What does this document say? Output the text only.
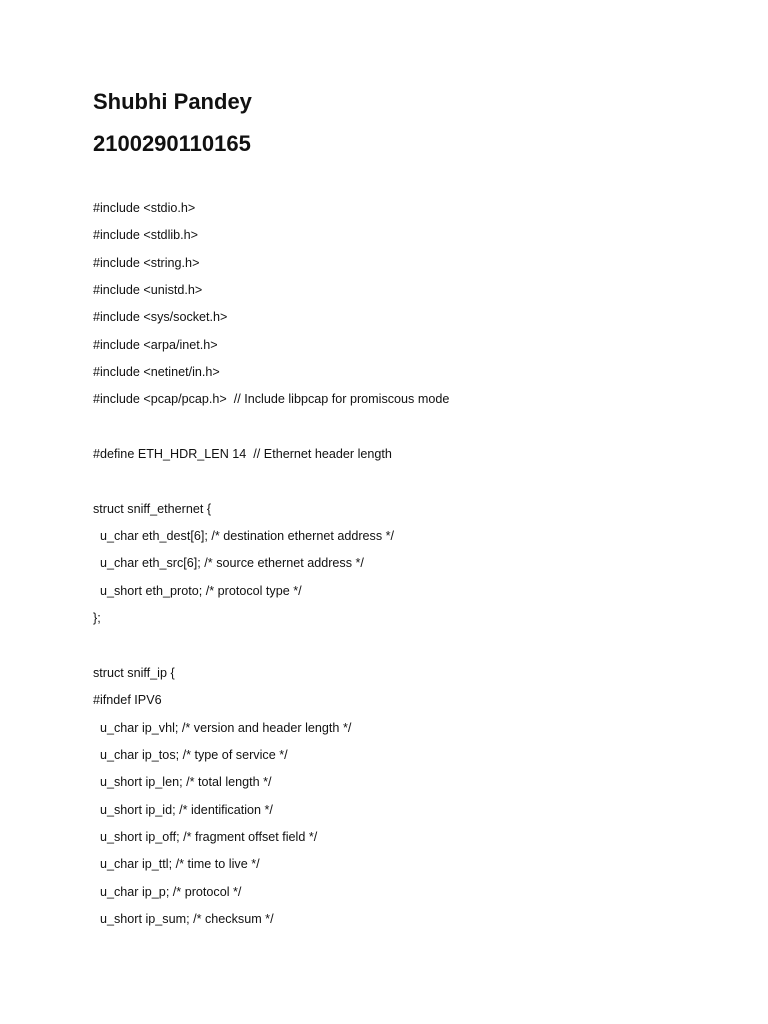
Shubhi Pandey
2100290110165
#include <stdio.h>
#include <stdlib.h>
#include <string.h>
#include <unistd.h>
#include <sys/socket.h>
#include <arpa/inet.h>
#include <netinet/in.h>
#include <pcap/pcap.h>  // Include libpcap for promiscous mode
#define ETH_HDR_LEN 14  // Ethernet header length
struct sniff_ethernet {
u_char eth_dest[6]; /* destination ethernet address */
u_char eth_src[6]; /* source ethernet address */
u_short eth_proto; /* protocol type */
};
struct sniff_ip {
#ifndef IPV6
u_char ip_vhl; /* version and header length */
u_char ip_tos; /* type of service */
u_short ip_len; /* total length */
u_short ip_id; /* identification */
u_short ip_off; /* fragment offset field */
u_char ip_ttl; /* time to live */
u_char ip_p; /* protocol */
u_short ip_sum; /* checksum */
